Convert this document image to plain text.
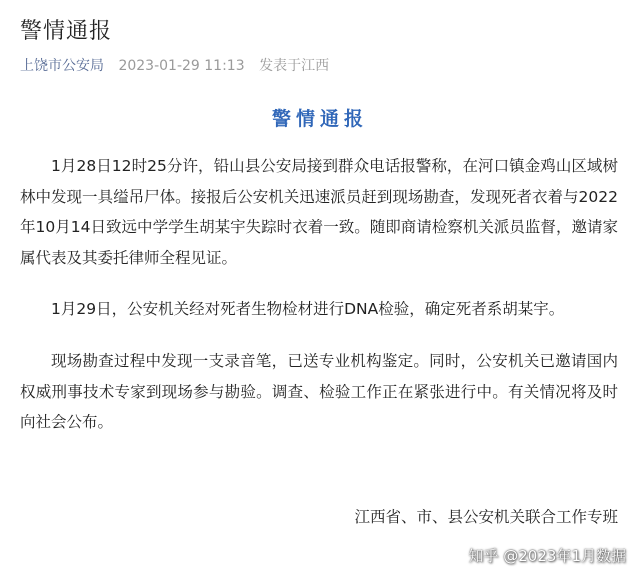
警情通报
上饶市公安局 2023-01-29 11:13 发表于江西
警情通报

1月28日12时25分许，铅山县公安局接到群众电话报警称，在河口镇金鸡山区域树林中发现一具缢吊尸体。接报后公安机关迅速派员赶到现场勘查，发现死者衣着与2022年10月14日致远中学学生胡某宇失踪时衣着一致。随即商请检察机关派员监督，邀请家属代表及其委托律师全程见证。

1月29日，公安机关经对死者生物检材进行DNA检验，确定死者系胡某宇。

现场勘查过程中发现一支录音笔，已送专业机构鉴定。同时，公安机关已邀请国内权威刑事技术专家到现场参与勘验。调查、检验工作正在紧张进行中。有关情况将及时向社会公布。

江西省、市、县公安机关联合工作专班

知乎 @2023年1月数据
